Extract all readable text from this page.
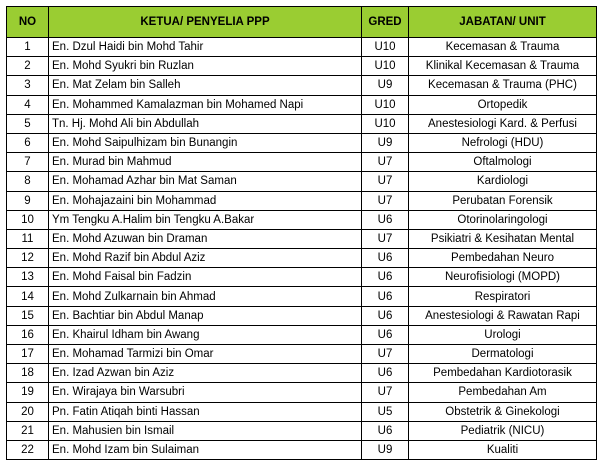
NO	KETUA/ PENYELIA PPP	GRED	JABATAN/ UNIT
1	En. Dzul Haidi bin Mohd Tahir	U10	Kecemasan & Trauma
2	En. Mohd Syukri bin Ruzlan	U10	Klinikal Kecemasan & Trauma
3	En. Mat Zelam bin Salleh	U9	Kecemasan & Trauma (PHC)
4	En. Mohammed Kamalazman bin Mohamed Napi	U10	Ortopedik
5	Tn. Hj. Mohd Ali bin Abdullah	U10	Anestesiologi Kard. & Perfusi
6	En. Mohd Saipulhizam bin Bunangin	U9	Nefrologi (HDU)
7	En. Murad bin Mahmud	U7	Oftalmologi
8	En. Mohamad Azhar bin Mat Saman	U7	Kardiologi
9	En. Mohajazaini bin Mohammad	U7	Perubatan Forensik
10	Ym Tengku A.Halim bin Tengku A.Bakar	U6	Otorinolaringologi
11	En. Mohd Azuwan bin Draman	U7	Psikiatri & Kesihatan Mental
12	En. Mohd Razif bin Abdul Aziz	U6	Pembedahan Neuro
13	En. Mohd Faisal bin Fadzin	U6	Neurofisiologi (MOPD)
14	En. Mohd Zulkarnain bin Ahmad	U6	Respiratori
15	En. Bachtiar bin Abdul Manap	U6	Anestesiologi & Rawatan Rapi
16	En. Khairul Idham bin Awang	U6	Urologi
17	En. Mohamad Tarmizi bin Omar	U7	Dermatologi
18	En. Izad Azwan bin Aziz	U6	Pembedahan Kardiotorasik
19	En. Wirajaya bin Warsubri	U7	Pembedahan Am
20	Pn. Fatin Atiqah binti Hassan	U5	Obstetrik & Ginekologi
21	En. Mahusien bin Ismail	U6	Pediatrik (NICU)
22	En. Mohd Izam bin Sulaiman	U9	Kualiti
